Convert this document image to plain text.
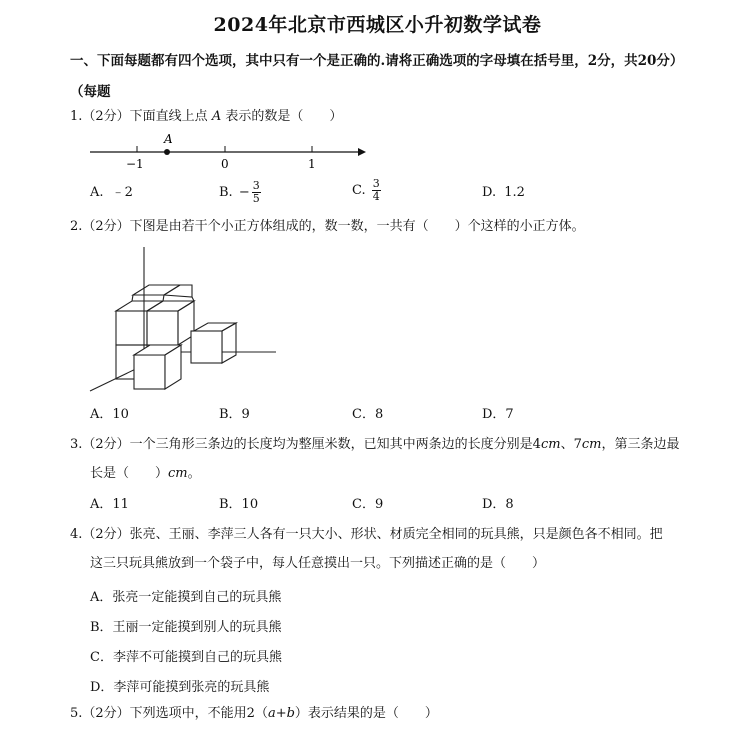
2024年北京市西城区小升初数学试卷
一、下面每题都有四个选项，其中只有一个是正确的.请将正确选项的字母填在括号里，2分，共20分）
（每题
1.（2分）下面直线上点 A 表示的数是（　　）
A
−1	0	1
A. ﹣2	B. − $\frac{3}{5}$	C. $\frac{3}{4}$	D. 1.2
2.（2分）下图是由若干个小正方体组成的，数一数，一共有（　　）个这样的小正方体。
A．10	B．9	C．8	D．7
3.（2分）一个三角形三条边的长度均为整厘米数，已知其中两条边的长度分别是4cm、7cm，第三条边最
长是（　　）cm。
A．11	B．10	C．9	D．8
4.（2分）张亮、王丽、李萍三人各有一只大小、形状、材质完全相同的玩具熊，只是颜色各不相同。把
这三只玩具熊放到一个袋子中，每人任意摸出一只。下列描述正确的是（　　）
A．张亮一定能摸到自己的玩具熊
B．王丽一定能摸到别人的玩具熊
C．李萍不可能摸到自己的玩具熊
D．李萍可能摸到张亮的玩具熊
5.（2分）下列选项中，不能用2（a+b）表示结果的是（　　）
